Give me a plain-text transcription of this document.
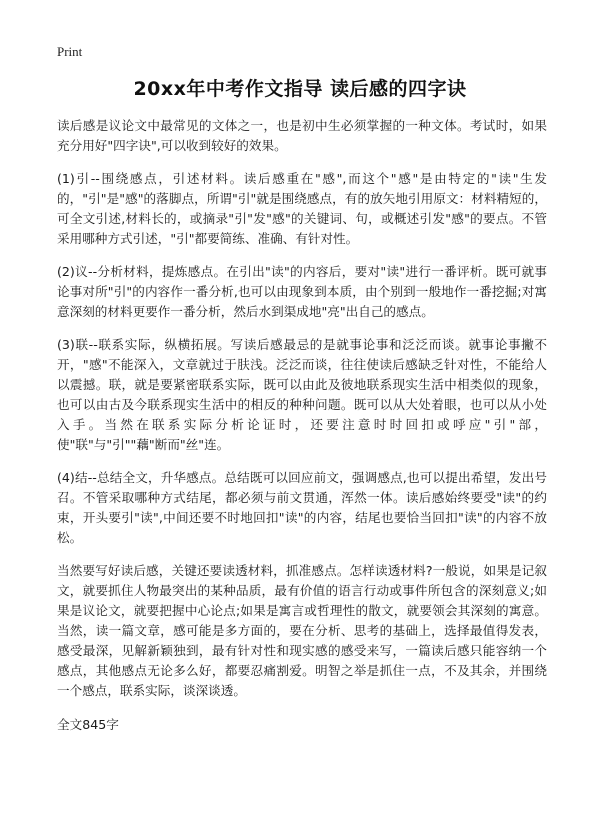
Print
20xx年中考作文指导 读后感的四字诀

读后感是议论文中最常见的文体之一，也是初中生必须掌握的一种文体。考试时，如果充分用好"四字诀",可以收到较好的效果。

(1)引--围绕感点，引述材料。读后感重在"感",而这个"感"是由特定的"读"生发的，"引"是"感"的落脚点，所谓"引"就是围绕感点，有的放矢地引用原文：材料精短的，可全文引述,材料长的，或摘录"引"发"感"的关键词、句，或概述引发"感"的要点。不管采用哪种方式引述，"引"都要简练、准确、有针对性。

(2)议--分析材料，提炼感点。在引出"读"的内容后，要对"读"进行一番评析。既可就事论事对所"引"的内容作一番分析,也可以由现象到本质，由个别到一般地作一番挖掘;对寓意深刻的材料更要作一番分析，然后水到渠成地"亮"出自己的感点。

(3)联--联系实际，纵横拓展。写读后感最忌的是就事论事和泛泛而谈。就事论事撇不开，"感"不能深入，文章就过于肤浅。泛泛而谈，往往使读后感缺乏针对性，不能给人以震撼。联，就是要紧密联系实际，既可以由此及彼地联系现实生活中相类似的现象，也可以由古及今联系现实生活中的相反的种种问题。既可以从大处着眼，也可以从小处入手。当然在联系实际分析论证时，还要注意时时回扣或呼应"引"部，使"联"与"引""藕"断而"丝"连。

(4)结--总结全文，升华感点。总结既可以回应前文，强调感点,也可以提出希望，发出号召。不管采取哪种方式结尾，都必须与前文贯通，浑然一体。读后感始终要受"读"的约束，开头要引"读",中间还要不时地回扣"读"的内容，结尾也要恰当回扣"读"的内容不放松。

当然要写好读后感，关键还要读透材料，抓准感点。怎样读透材料?一般说，如果是记叙文，就要抓住人物最突出的某种品质，最有价值的语言行动或事件所包含的深刻意义;如果是议论文，就要把握中心论点;如果是寓言或哲理性的散文，就要领会其深刻的寓意。当然，读一篇文章，感可能是多方面的，要在分析、思考的基础上，选择最值得发表，感受最深，见解新颖独到，最有针对性和现实感的感受来写，一篇读后感只能容纳一个感点，其他感点无论多么好，都要忍痛割爱。明智之举是抓住一点，不及其余，并围绕一个感点，联系实际，谈深谈透。

全文845字
